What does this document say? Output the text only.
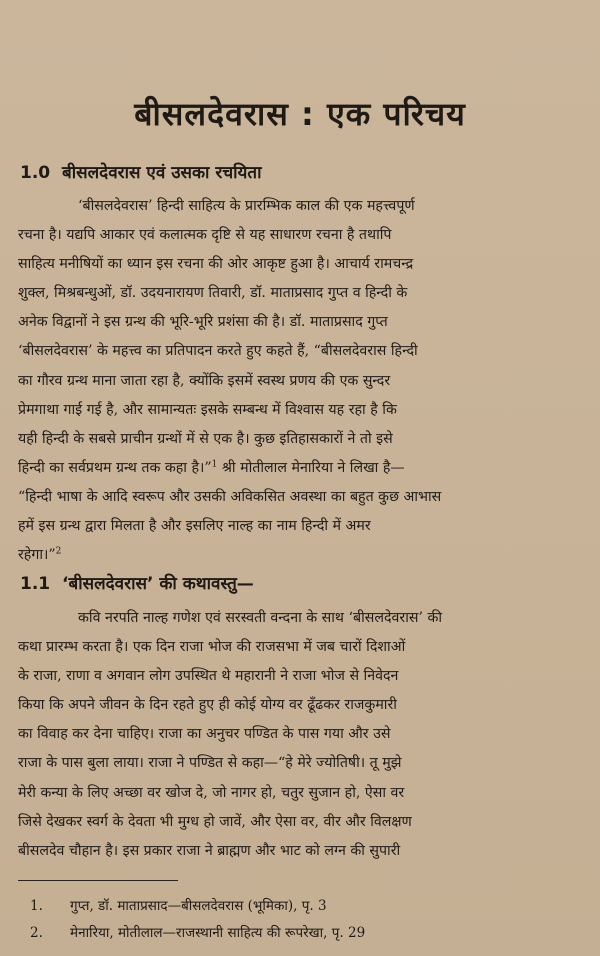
बीसलदेवरास : एक परिचय
1.0 बीसलदेवरास एवं उसका रचयिता
‘बीसलदेवरास’ हिन्दी साहित्य के प्रारम्भिक काल की एक महत्त्वपूर्ण
रचना है। यद्यपि आकार एवं कलात्मक दृष्टि से यह साधारण रचना है तथापि
साहित्य मनीषियों का ध्यान इस रचना की ओर आकृष्ट हुआ है। आचार्य रामचन्द्र
शुक्ल, मिश्रबन्धुओं, डॉ. उदयनारायण तिवारी, डॉ. माताप्रसाद गुप्त व हिन्दी के
अनेक विद्वानों ने इस ग्रन्थ की भूरि-भूरि प्रशंसा की है। डॉ. माताप्रसाद गुप्त
‘बीसलदेवरास’ के महत्त्व का प्रतिपादन करते हुए कहते हैं, “बीसलदेवरास हिन्दी
का गौरव ग्रन्थ माना जाता रहा है, क्योंकि इसमें स्वस्थ प्रणय की एक सुन्दर
प्रेमगाथा गाई गई है, और सामान्यतः इसके सम्बन्ध में विश्वास यह रहा है कि
यही हिन्दी के सबसे प्राचीन ग्रन्थों में से एक है। कुछ इतिहासकारों ने तो इसे
हिन्दी का सर्वप्रथम ग्रन्थ तक कहा है।”$^1$ श्री मोतीलाल मेनारिया ने लिखा है—
“हिन्दी भाषा के आदि स्वरूप और उसकी अविकसित अवस्था का बहुत कुछ आभास
हमें इस ग्रन्थ द्वारा मिलता है और इसलिए नाल्ह का नाम हिन्दी में अमर
रहेगा।”$^2$
1.1 ‘बीसलदेवरास’ की कथावस्तु—
कवि नरपति नाल्ह गणेश एवं सरस्वती वन्दना के साथ ‘बीसलदेवरास’ की
कथा प्रारम्भ करता है। एक दिन राजा भोज की राजसभा में जब चारों दिशाओं
के राजा, राणा व अगवान लोग उपस्थित थे महारानी ने राजा भोज से निवेदन
किया कि अपने जीवन के दिन रहते हुए ही कोई योग्य वर ढूँढकर राजकुमारी
का विवाह कर देना चाहिए। राजा का अनुचर पण्डित के पास गया और उसे
राजा के पास बुला लाया। राजा ने पण्डित से कहा—“हे मेरे ज्योतिषी। तू मुझे
मेरी कन्या के लिए अच्छा वर खोज दे, जो नागर हो, चतुर सुजान हो, ऐसा वर
जिसे देखकर स्वर्ग के देवता भी मुग्ध हो जावें, और ऐसा वर, वीर और विलक्षण
बीसलदेव चौहान है। इस प्रकार राजा ने ब्राह्मण और भाट को लग्न की सुपारी
1. गुप्त, डॉ. माताप्रसाद—बीसलदेवरास (भूमिका), पृ. 3
2. मेनारिया, मोतीलाल—राजस्थानी साहित्य की रूपरेखा, पृ. 29
